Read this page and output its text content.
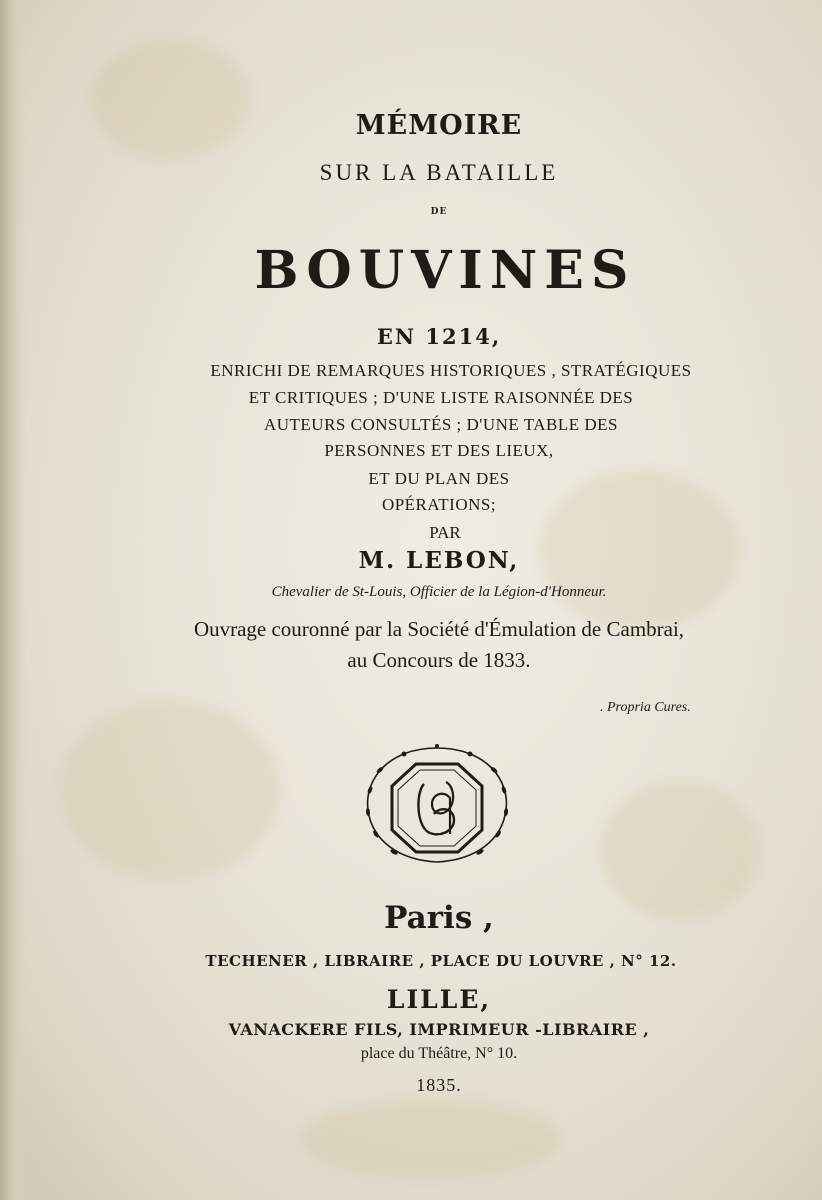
MÉMOIRE
SUR LA BATAILLE
DE
BOUVINES
EN 1214,
ENRICHI DE REMARQUES HISTORIQUES , STRATÉGIQUES
ET CRITIQUES ; D'UNE LISTE RAISONNÉE DES
AUTEURS CONSULTÉS ; D'UNE TABLE DES
PERSONNES ET DES LIEUX,
ET DU PLAN DES
OPÉRATIONS;
PAR
M. LEBON,
Chevalier de St-Louis, Officier de la Légion-d'Honneur.
Ouvrage couronné par la Société d'Émulation de Cambrai,
au Concours de 1833.
. Propria Cures.
Paris ,
TECHENER , LIBRAIRE , PLACE DU LOUVRE , N° 12.
LILLE,
VANACKERE FILS, IMPRIMEUR -LIBRAIRE ,
place du Théâtre, N° 10.
1835.
